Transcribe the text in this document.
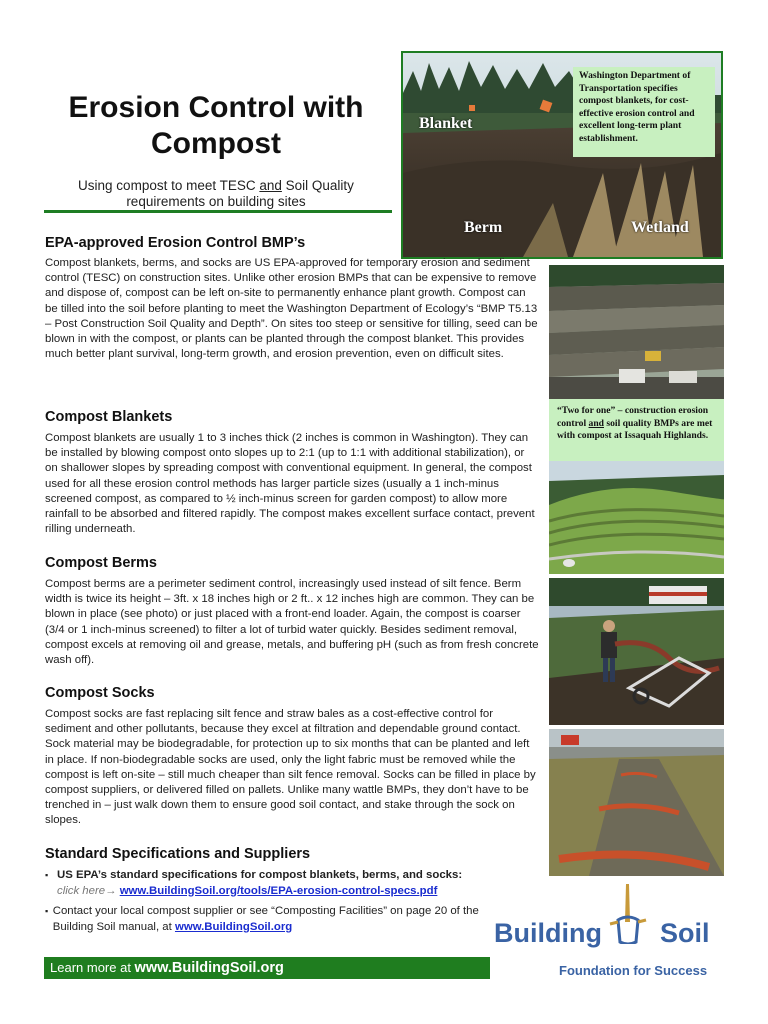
Erosion Control with Compost
Using compost to meet TESC and Soil Quality requirements on building sites
Blanket
Berm	Wetland
Washington Department of Transportation specifies compost blankets, for cost-effective erosion control and excellent long-term plant establishment.
“Two for one” – construction erosion control and soil quality BMPs are met with compost at Issaquah Highlands.
EPA-approved Erosion Control BMP’s

Compost blankets, berms, and socks are US EPA-approved for temporary erosion and sediment control (TESC) on construction sites. Unlike other erosion BMPs that can be expensive to remove and dispose of, compost can be left on-site to permanently enhance plant growth. Compost can be tilled into the soil before planting to meet the Washington Department of Ecology’s “BMP T5.13 – Post Construction Soil Quality and Depth”. On sites too steep or sensitive for tilling, seed can be blown in with the compost, or plants can be planted through the compost blanket. This provides much better plant survival, long-term growth, and erosion prevention, even on difficult sites.

Compost Blankets

Compost blankets are usually 1 to 3 inches thick (2 inches is common in Washington). They can be installed by blowing compost onto slopes up to 2:1 (up to 1:1 with additional stabilization), or on shallower slopes by spreading compost with conventional equipment. In general, the compost used for all these erosion control methods has larger particle sizes (usually a 1 inch-minus screened compost, as compared to ½ inch-minus screen for garden compost) to allow more rainfall to be absorbed and filtered rapidly. The compost makes excellent surface contact, prevent rilling underneath.

Compost Berms

Compost berms are a perimeter sediment control, increasingly used instead of silt fence. Berm width is twice its height – 3ft. x 18 inches high or 2 ft.. x 12 inches high are common. They can be blown in place (see photo) or just placed with a front-end loader. Again, the compost is coarser (3/4 or 1 inch-minus screened) to filter a lot of turbid water quickly. Besides sediment removal, compost excels at removing oil and grease, metals, and buffering pH (such as from fresh concrete wash off).

Compost Socks

Compost socks are fast replacing silt fence and straw bales as a cost-effective control for sediment and other pollutants, because they excel at filtration and dependable ground contact. Sock material may be biodegradable, for protection up to six months that can be planted and left in place. If non-biodegradable socks are used, only the light fabric must be removed while the compost is left on-site – still much cheaper than silt fence removal. Socks can be filled in place by compost suppliers, or delivered filled on pallets. Unlike many wattle BMPs, they don’t have to be trenched in – just walk down them to ensure good soil contact, and stake through the sock on slopes.

Standard Specifications and Suppliers
▪ US EPA’s standard specifications for compost blankets, berms, and socks:
click here→ www.BuildingSoil.org/tools/EPA-erosion-control-specs.pdf
▪ Contact your local compost supplier or see “Composting Facilities” on page 20 of the Building Soil manual, at www.BuildingSoil.org
Learn more at www.BuildingSoil.org
Building Soil
Foundation for Success
